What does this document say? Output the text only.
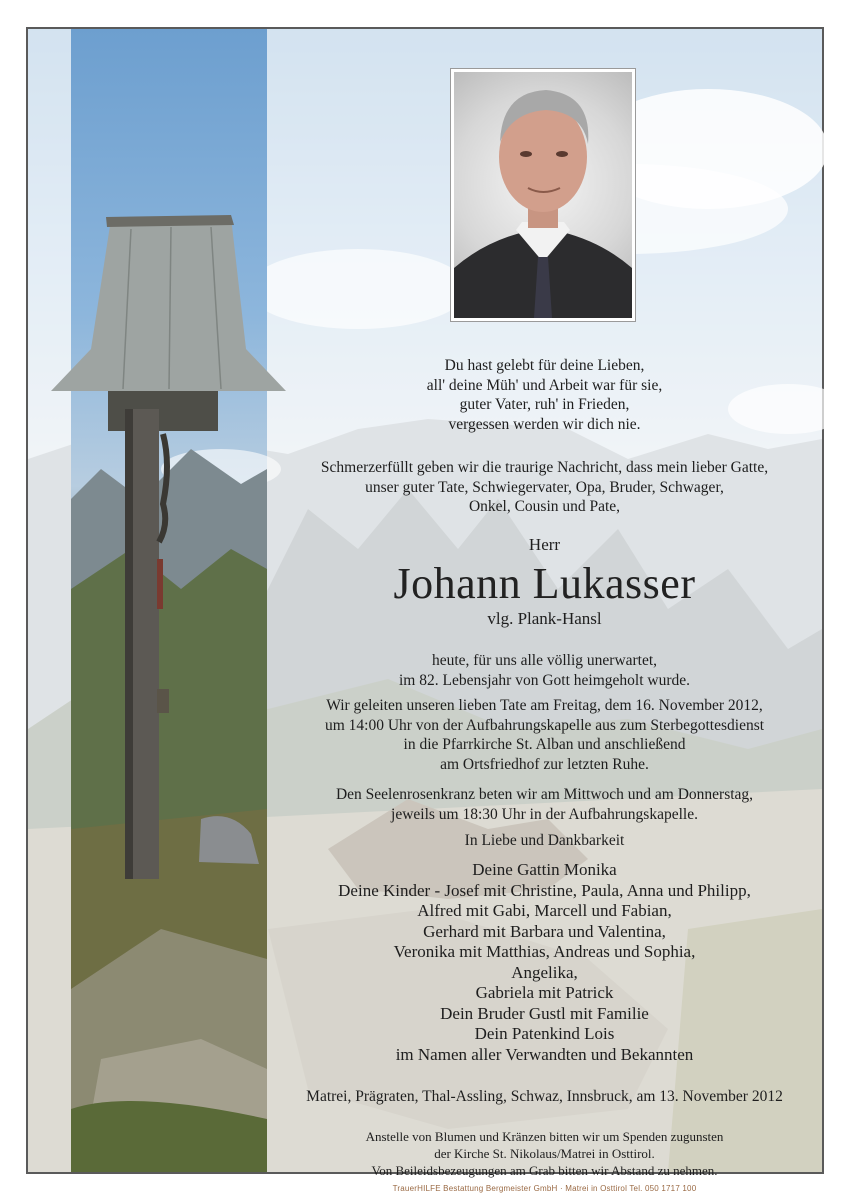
Du hast gelebt für deine Lieben,
all' deine Müh' und Arbeit war für sie,
guter Vater, ruh' in Frieden,
vergessen werden wir dich nie.
Schmerzerfüllt geben wir die traurige Nachricht, dass mein lieber Gatte,
unser guter Tate, Schwiegervater, Opa, Bruder, Schwager,
Onkel, Cousin und Pate,
Herr
Johann Lukasser
vlg. Plank-Hansl
heute, für uns alle völlig unerwartet,
im 82. Lebensjahr von Gott heimgeholt wurde.
Wir geleiten unseren lieben Tate am Freitag, dem 16. November 2012,
um 14:00 Uhr von der Aufbahrungskapelle aus zum Sterbegottesdienst
in die Pfarrkirche St. Alban und anschließend
am Ortsfriedhof zur letzten Ruhe.
Den Seelenrosenkranz beten wir am Mittwoch und am Donnerstag,
jeweils um 18:30 Uhr in der Aufbahrungskapelle.
In Liebe und Dankbarkeit
Deine Gattin Monika
Deine Kinder - Josef mit Christine, Paula, Anna und Philipp,
Alfred mit Gabi, Marcell und Fabian,
Gerhard mit Barbara und Valentina,
Veronika mit Matthias, Andreas und Sophia,
Angelika,
Gabriela mit Patrick
Dein Bruder Gustl mit Familie
Dein Patenkind Lois
im Namen aller Verwandten und Bekannten
Matrei, Prägraten, Thal-Assling, Schwaz, Innsbruck, am 13. November 2012
Anstelle von Blumen und Kränzen bitten wir um Spenden zugunsten
der Kirche St. Nikolaus/Matrei in Osttirol.
Von Beileidsbezeugungen am Grab bitten wir Abstand zu nehmen.
TrauerHILFE Bestattung Bergmeister GmbH · Matrei in Osttirol Tel. 050 1717 100
